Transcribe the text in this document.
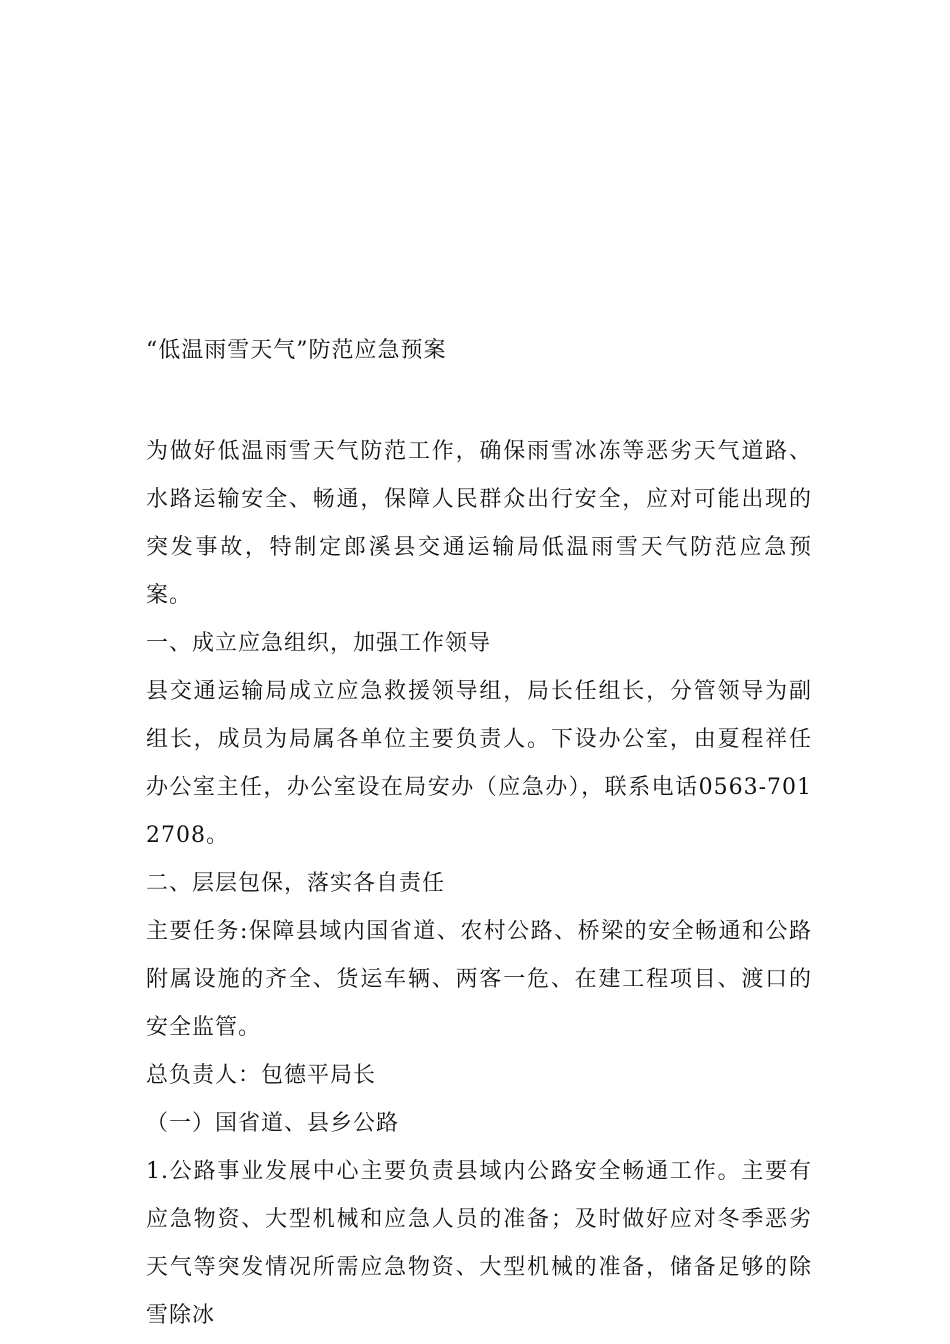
“低温雨雪天气”防范应急预案

为做好低温雨雪天气防范工作，确保雨雪冰冻等恶劣天气道路、水路运输安全、畅通，保障人民群众出行安全，应对可能出现的突发事故，特制定郎溪县交通运输局低温雨雪天气防范应急预案。

一、成立应急组织，加强工作领导

县交通运输局成立应急救援领导组，局长任组长，分管领导为副组长，成员为局属各单位主要负责人。下设办公室，由夏程祥任办公室主任，办公室设在局安办（应急办），联系电话0563-7012708。

二、层层包保，落实各自责任

主要任务:保障县域内国省道、农村公路、桥梁的安全畅通和公路附属设施的齐全、货运车辆、两客一危、在建工程项目、渡口的安全监管。

总负责人：包德平局长

（一）国省道、县乡公路

1.公路事业发展中心主要负责县域内公路安全畅通工作。主要有应急物资、大型机械和应急人员的准备；及时做好应对冬季恶劣天气等突发情况所需应急物资、大型机械的准备，储备足够的除雪除冰
